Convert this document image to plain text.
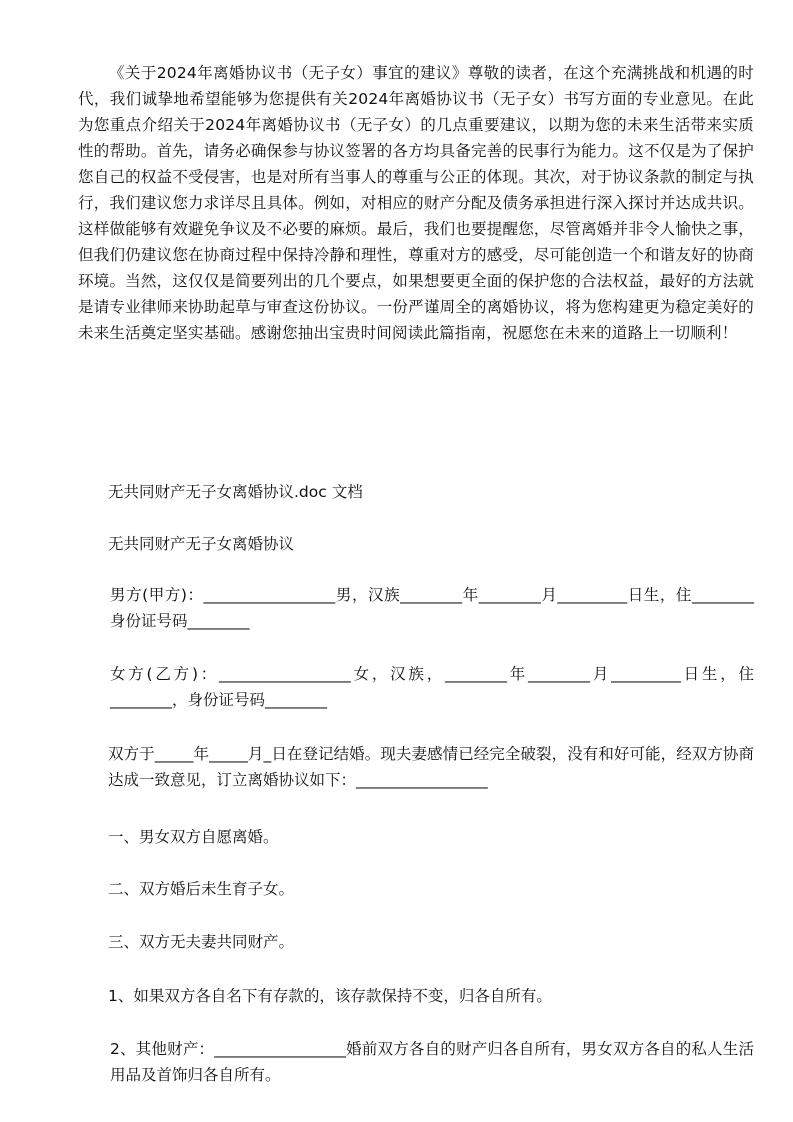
《关于2024年离婚协议书（无子女）事宜的建议》尊敬的读者，在这个充满挑战和机遇的时代，我们诚挚地希望能够为您提供有关2024年离婚协议书（无子女）书写方面的专业意见。在此为您重点介绍关于2024年离婚协议书（无子女）的几点重要建议，以期为您的未来生活带来实质性的帮助。首先，请务必确保参与协议签署的各方均具备完善的民事行为能力。这不仅是为了保护您自己的权益不受侵害，也是对所有当事人的尊重与公正的体现。其次，对于协议条款的制定与执行，我们建议您力求详尽且具体。例如，对相应的财产分配及债务承担进行深入探讨并达成共识。这样做能够有效避免争议及不必要的麻烦。最后，我们也要提醒您，尽管离婚并非令人愉快之事，但我们仍建议您在协商过程中保持冷静和理性，尊重对方的感受，尽可能创造一个和谐友好的协商环境。当然，这仅仅是简要列出的几个要点，如果想要更全面的保护您的合法权益，最好的方法就是请专业律师来协助起草与审查这份协议。一份严谨周全的离婚协议，将为您构建更为稳定美好的未来生活奠定坚实基础。感谢您抽出宝贵时间阅读此篇指南，祝愿您在未来的道路上一切顺利！

无共同财产无子女离婚协议.doc 文档

无共同财产无子女离婚协议

男方(甲方)：_________________男，汉族________年________月_________日生，住________身份证号码________

女方(乙方)：_________________女，汉族，________年________月_________日生，住________，身份证号码________

双方于_____年_____月_日在登记结婚。现夫妻感情已经完全破裂，没有和好可能，经双方协商达成一致意见，订立离婚协议如下：_________________

一、男女双方自愿离婚。

二、双方婚后未生育子女。

三、双方无夫妻共同财产。

1、如果双方各自名下有存款的，该存款保持不变，归各自所有。

2、其他财产：_________________婚前双方各自的财产归各自所有，男女双方各自的私人生活用品及首饰归各自所有。
